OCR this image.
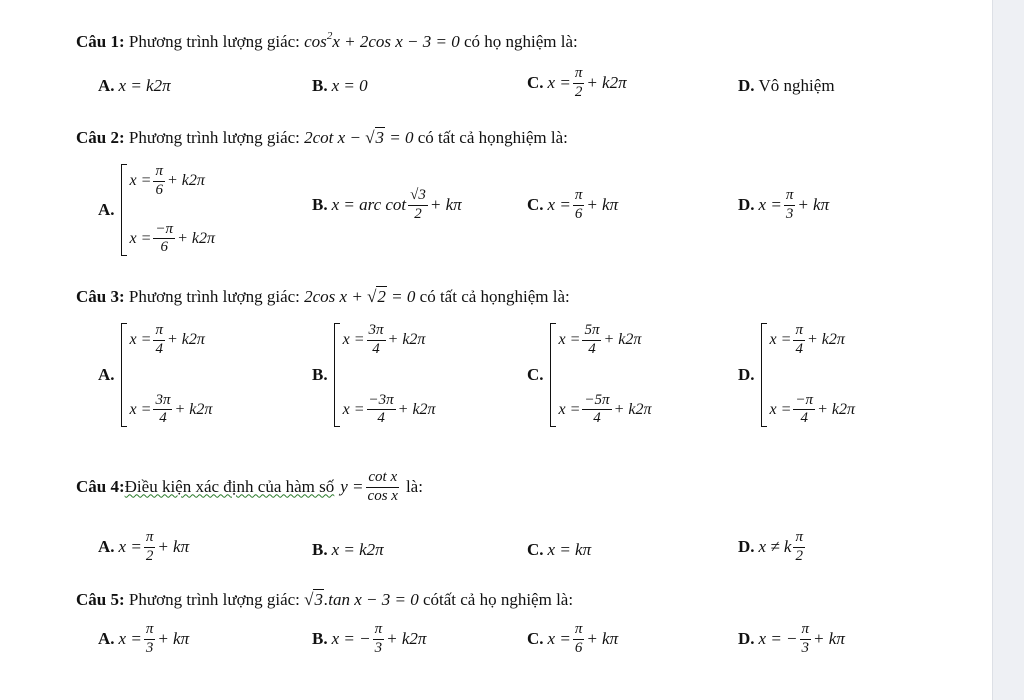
Câu 1: Phương trình lượng giác: $\cos^2x + 2\cos$ x − 3 = 0 có họ nghiệm là:
A. x = k2π	B. x = 0	C. $x = \frac{\pi}{2} + k2\pi$	D. Vô nghiệm
Câu 2: Phương trình lượng giác: 2cot x − √3 = 0 có tất cả họnghiệm là:
A.
$x = \frac{\pi}{6} + k2\pi$
$x = \frac{-\pi}{6} + k2\pi$
B. x = arc $\cot \frac{√3}{2} + k\pi$	C. $x = \frac{\pi}{6} + k\pi$	D. $x = \frac{\pi}{3} + k\pi$
Câu 3: Phương trình lượng giác: 2cos x + √2 = 0 có tất cả họnghiệm là:
A.
$x = \frac{\pi}{4} + k2\pi$
$x = \frac{3\pi}{4} + k2\pi$
B.
$x = \frac{3\pi}{4} + k2\pi$
$x = \frac{-3\pi}{4} + k2\pi$
C.
$x = \frac{5\pi}{4} + k2\pi$
$x = \frac{-5\pi}{4} + k2\pi$
D.
$x = \frac{\pi}{4} + k2\pi$
$x = \frac{-\pi}{4} + k2\pi$
Câu 4: Điều kiện xác định của hàm số $y = \frac{\text{cot x}}{\text{cos x}}$ là:
A. $x = \frac{\pi}{2} + k\pi$	B. x = k2π	C. x = kπ	D. x ≠ k $\frac{\pi}{2}$
Câu 5: Phương trình lượng giác: √3.tan x − 3 = 0 cótất cả họ nghiệm là:
A. $x = \frac{\pi}{3} + k\pi$	B. x = − $\frac{\pi}{3} + k2\pi$	C. $x = \frac{\pi}{6} + k\pi$	D. x = − $\frac{\pi}{3} + k\pi$
